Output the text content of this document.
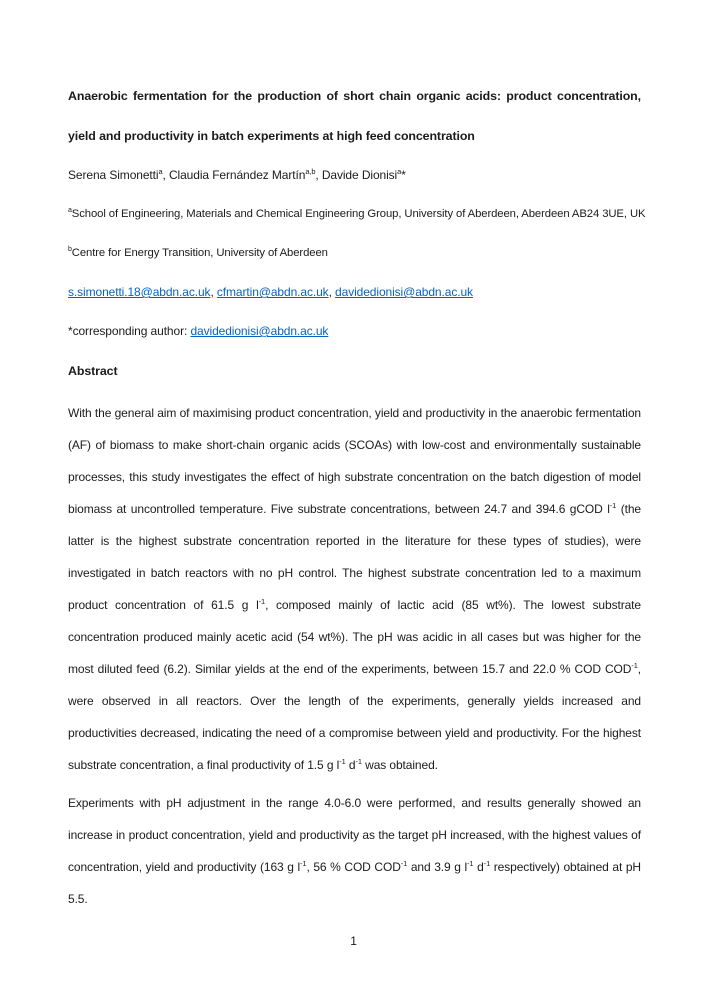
Anaerobic fermentation for the production of short chain organic acids: product concentration, yield and productivity in batch experiments at high feed concentration

Serena Simonetti$^a$, Claudia Fernández Martín$^{a,b}$, Davide Dionisi$^a$*

$^a$School of Engineering, Materials and Chemical Engineering Group, University of Aberdeen, Aberdeen AB24 3UE, UK

$^b$Centre for Energy Transition, University of Aberdeen

s.simonetti.18@abdn.ac.uk, cfmartin@abdn.ac.uk, davidedionisi@abdn.ac.uk

*corresponding author: davidedionisi@abdn.ac.uk

Abstract

With the general aim of maximising product concentration, yield and productivity in the anaerobic fermentation (AF) of biomass to make short-chain organic acids (SCOAs) with low-cost and environmentally sustainable processes, this study investigates the effect of high substrate concentration on the batch digestion of model biomass at uncontrolled temperature. Five substrate concentrations, between 24.7 and 394.6 gCOD $l^{-1}$ (the latter is the highest substrate concentration reported in the literature for these types of studies), were investigated in batch reactors with no pH control. The highest substrate concentration led to a maximum product concentration of 61.5 g $l^{-1}$, composed mainly of lactic acid (85 wt%). The lowest substrate concentration produced mainly acetic acid (54 wt%). The pH was acidic in all cases but was higher for the most diluted feed (6.2). Similar yields at the end of the experiments, between 15.7 and 22.0 % COD $COD^{-1}$, were observed in all reactors. Over the length of the experiments, generally yields increased and productivities decreased, indicating the need of a compromise between yield and productivity. For the highest substrate concentration, a final productivity of 1.5 g $l^{-1}$ $d^{-1}$ was obtained.

Experiments with pH adjustment in the range 4.0-6.0 were performed, and results generally showed an increase in product concentration, yield and productivity as the target pH increased, with the highest values of concentration, yield and productivity (163 g $l^{-1}$, 56 % COD $COD^{-1}$ and 3.9 g $l^{-1}$ $d^{-1}$ respectively) obtained at pH 5.5.

1
